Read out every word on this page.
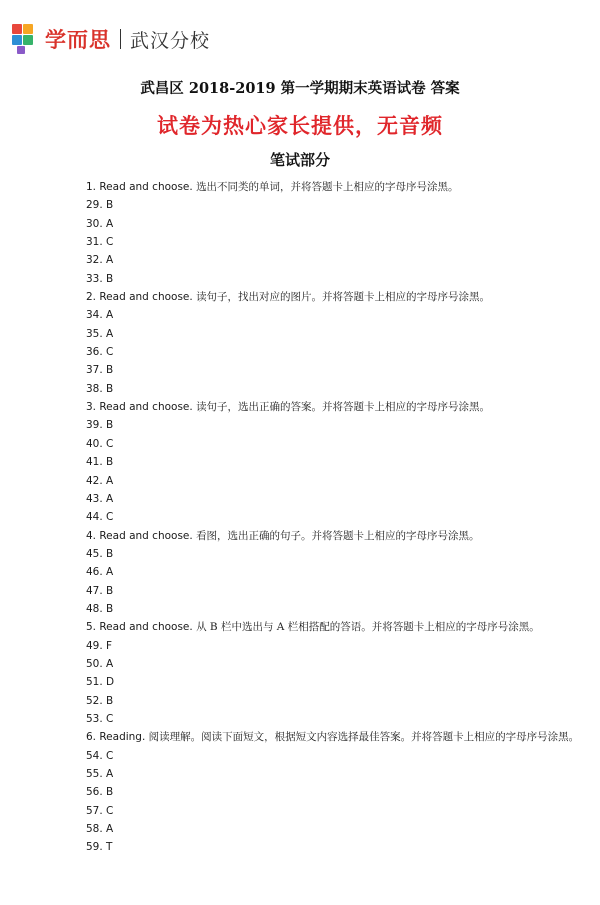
学而思 武汉分校
武昌区 2018-2019 第一学期期末英语试卷 答案
试卷为热心家长提供，无音频
笔试部分
1. Read and choose. 选出不同类的单词，并将答题卡上相应的字母序号涂黑。
29. B
30. A
31. C
32. A
33. B
2. Read and choose. 读句子，找出对应的图片。并将答题卡上相应的字母序号涂黑。
34. A
35. A
36. C
37. B
38. B
3. Read and choose. 读句子，选出正确的答案。并将答题卡上相应的字母序号涂黑。
39. B
40. C
41. B
42. A
43. A
44. C
4. Read and choose. 看图，选出正确的句子。并将答题卡上相应的字母序号涂黑。
45. B
46. A
47. B
48. B
5. Read and choose. 从 B 栏中选出与 A 栏相搭配的答语。并将答题卡上相应的字母序号涂黑。
49. F
50. A
51. D
52. B
53. C
6. Reading. 阅读理解。阅读下面短文，根据短文内容选择最佳答案。并将答题卡上相应的字母序号涂黑。
54. C
55. A
56. B
57. C
58. A
59. T
